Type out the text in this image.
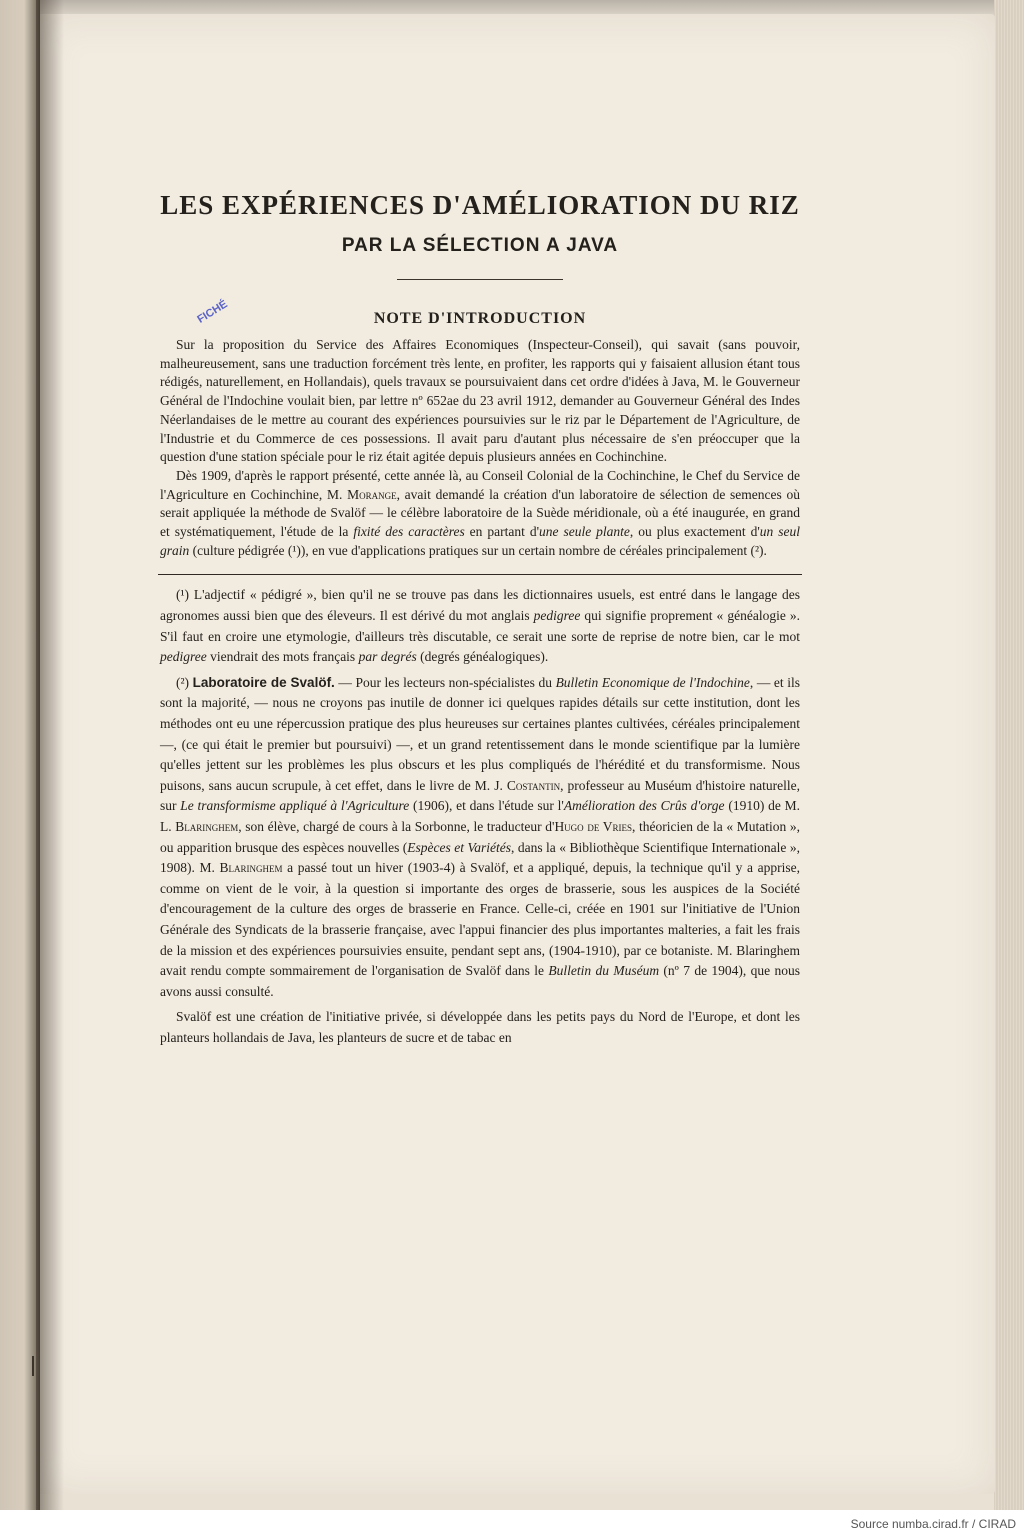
FICHÉ
LES EXPÉRIENCES D'AMÉLIORATION DU RIZ
PAR LA SÉLECTION A JAVA
NOTE D'INTRODUCTION

Sur la proposition du Service des Affaires Economiques (Inspecteur-Conseil), qui savait (sans pouvoir, malheureusement, sans une traduction forcément très lente, en profiter, les rapports qui y faisaient allusion étant tous rédigés, naturellement, en Hollandais), quels travaux se poursuivaient dans cet ordre d'idées à Java, M. le Gouverneur Général de l'Indochine voulait bien, par lettre nº 652ae du 23 avril 1912, demander au Gouverneur Général des Indes Néerlandaises de le mettre au courant des expériences poursuivies sur le riz par le Département de l'Agriculture, de l'Industrie et du Commerce de ces possessions. Il avait paru d'autant plus nécessaire de s'en préoccuper que la question d'une station spéciale pour le riz était agitée depuis plusieurs années en Cochinchine.

Dès 1909, d'après le rapport présenté, cette année là, au Conseil Colonial de la Cochinchine, le Chef du Service de l'Agriculture en Cochinchine, M. Morange, avait demandé la création d'un laboratoire de sélection de semences où serait appliquée la méthode de Svalöf — le célèbre laboratoire de la Suède méridionale, où a été inaugurée, en grand et systématiquement, l'étude de la fixité des caractères en partant d'une seule plante, ou plus exactement d'un seul grain (culture pédigrée (¹)), en vue d'applications pratiques sur un certain nombre de céréales principalement (²).

(¹) L'adjectif « pédigré », bien qu'il ne se trouve pas dans les dictionnaires usuels, est entré dans le langage des agronomes aussi bien que des éleveurs. Il est dérivé du mot anglais pedigree qui signifie proprement « généalogie ». S'il faut en croire une etymologie, d'ailleurs très discutable, ce serait une sorte de reprise de notre bien, car le mot pedigree viendrait des mots français par degrés (degrés généalogiques).

(²) Laboratoire de Svalöf. — Pour les lecteurs non-spécialistes du Bulletin Economique de l'Indochine, — et ils sont la majorité, — nous ne croyons pas inutile de donner ici quelques rapides détails sur cette institution, dont les méthodes ont eu une répercussion pratique des plus heureuses sur certaines plantes cultivées, céréales principalement —, (ce qui était le premier but poursuivi) —, et un grand retentissement dans le monde scientifique par la lumière qu'elles jettent sur les problèmes les plus obscurs et les plus compliqués de l'hérédité et du transformisme. Nous puisons, sans aucun scrupule, à cet effet, dans le livre de M. J. Costantin, professeur au Muséum d'histoire naturelle, sur Le transformisme appliqué à l'Agriculture (1906), et dans l'étude sur l'Amélioration des Crûs d'orge (1910) de M. L. Blaringhem, son élève, chargé de cours à la Sorbonne, le traducteur d'Hugo de Vries, théoricien de la « Mutation », ou apparition brusque des espèces nouvelles (Espèces et Variétés, dans la « Bibliothèque Scientifique Internationale », 1908). M. Blaringhem a passé tout un hiver (1903-4) à Svalöf, et a appliqué, depuis, la technique qu'il y a apprise, comme on vient de le voir, à la question si importante des orges de brasserie, sous les auspices de la Société d'encouragement de la culture des orges de brasserie en France. Celle-ci, créée en 1901 sur l'initiative de l'Union Générale des Syndicats de la brasserie française, avec l'appui financier des plus importantes malteries, a fait les frais de la mission et des expériences poursuivies ensuite, pendant sept ans, (1904-1910), par ce botaniste. M. Blaringhem avait rendu compte sommairement de l'organisation de Svalöf dans le Bulletin du Muséum (nº 7 de 1904), que nous avons aussi consulté.

Svalöf est une création de l'initiative privée, si développée dans les petits pays du Nord de l'Europe, et dont les planteurs hollandais de Java, les planteurs de sucre et de tabac en

Source numba.cirad.fr / CIRAD
